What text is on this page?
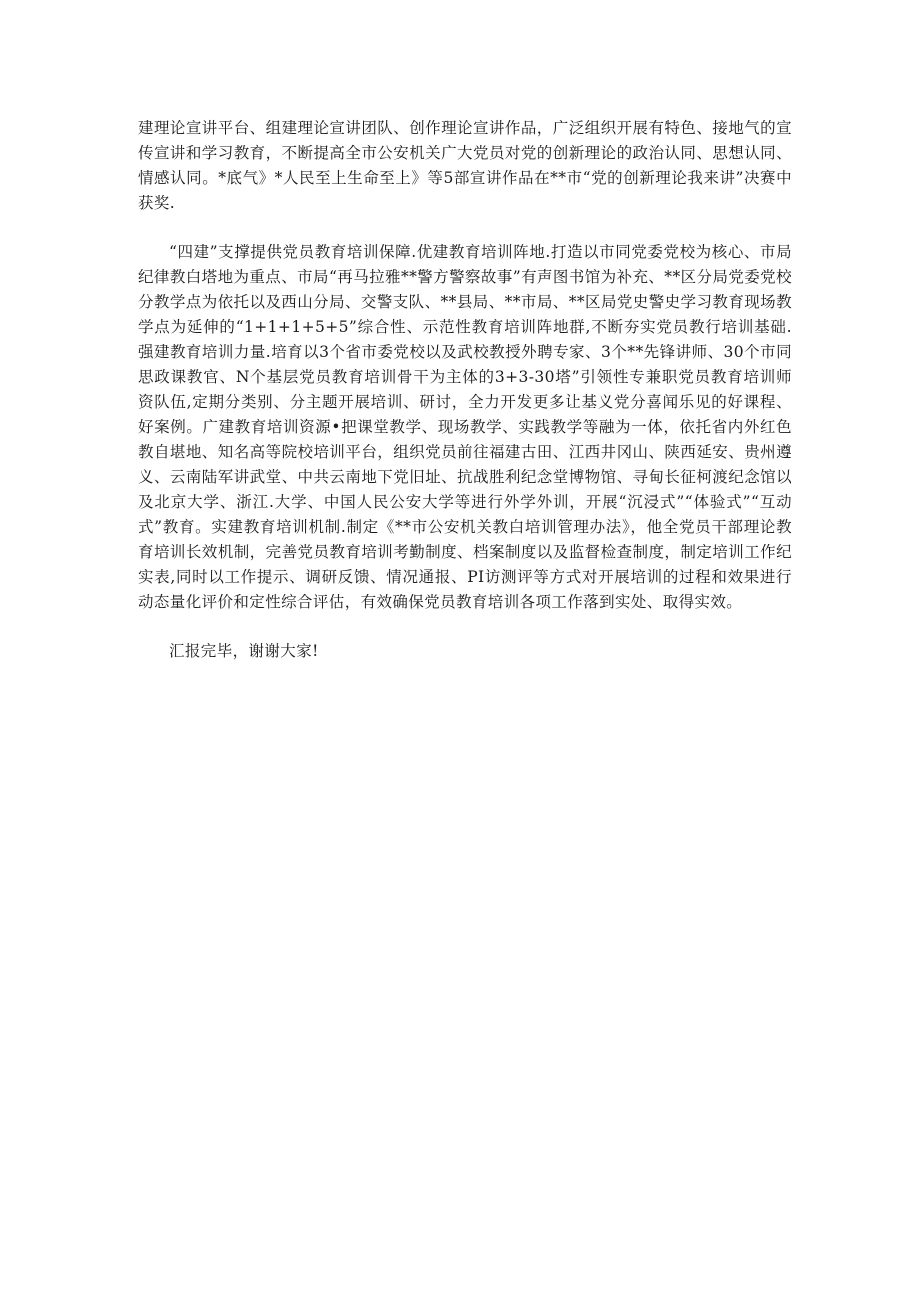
建理论宣讲平台、组建理论宣讲团队、创作理论宣讲作品，广泛组织开展有特色、接地气的宣传宣讲和学习教育，不断提高全市公安机关广大党员对党的创新理论的政治认同、思想认同、情感认同。*底气》*人民至上生命至上》等5部宣讲作品在**市“党的创新理论我来讲”决赛中获奖.

“四建”支撑提供党员教育培训保障.优建教育培训阵地.打造以市同党委党校为核心、市局纪律教白塔地为重点、市局“再马拉雅**警方警察故事”有声图书馆为补充、**区分局党委党校分教学点为依托以及西山分局、交警支队、**县局、**市局、**区局党史警史学习教育现场教学点为延伸的“1+1+1+5+5”综合性、示范性教育培训阵地群,不断夯实党员教行培训基础.强建教育培训力量.培育以3个省市委党校以及武校教授外聘专家、3个**先锋讲师、30个市同思政课教官、N个基层党员教育培训骨干为主体的3+3-30塔”引领性专兼职党员教育培训师资队伍,定期分类别、分主题开展培训、研讨，全力开发更多让基义党分喜闻乐见的好课程、好案例。广建教育培训资源•把课堂教学、现场教学、实践教学等融为一体，依托省内外红色教自堪地、知名高等院校培训平台，组织党员前往福建古田、江西井冈山、陕西延安、贵州遵义、云南陆军讲武堂、中共云南地下党旧址、抗战胜利纪念堂博物馆、寻甸长征柯渡纪念馆以及北京大学、浙江.大学、中国人民公安大学等进行外学外训，开展“沉浸式”“体验式”“互动式”教育。实建教育培训机制.制定《**市公安机关教白培训管理办法》，他全党员干部理论教育培训长效机制，完善党员教育培训考勤制度、档案制度以及监督检查制度，制定培训工作纪实表,同时以工作提示、调研反馈、情况通报、PI访测评等方式对开展培训的过程和效果进行动态量化评价和定性综合评估，有效确保党员教育培训各项工作落到实处、取得实效。

汇报完毕，谢谢大家!
